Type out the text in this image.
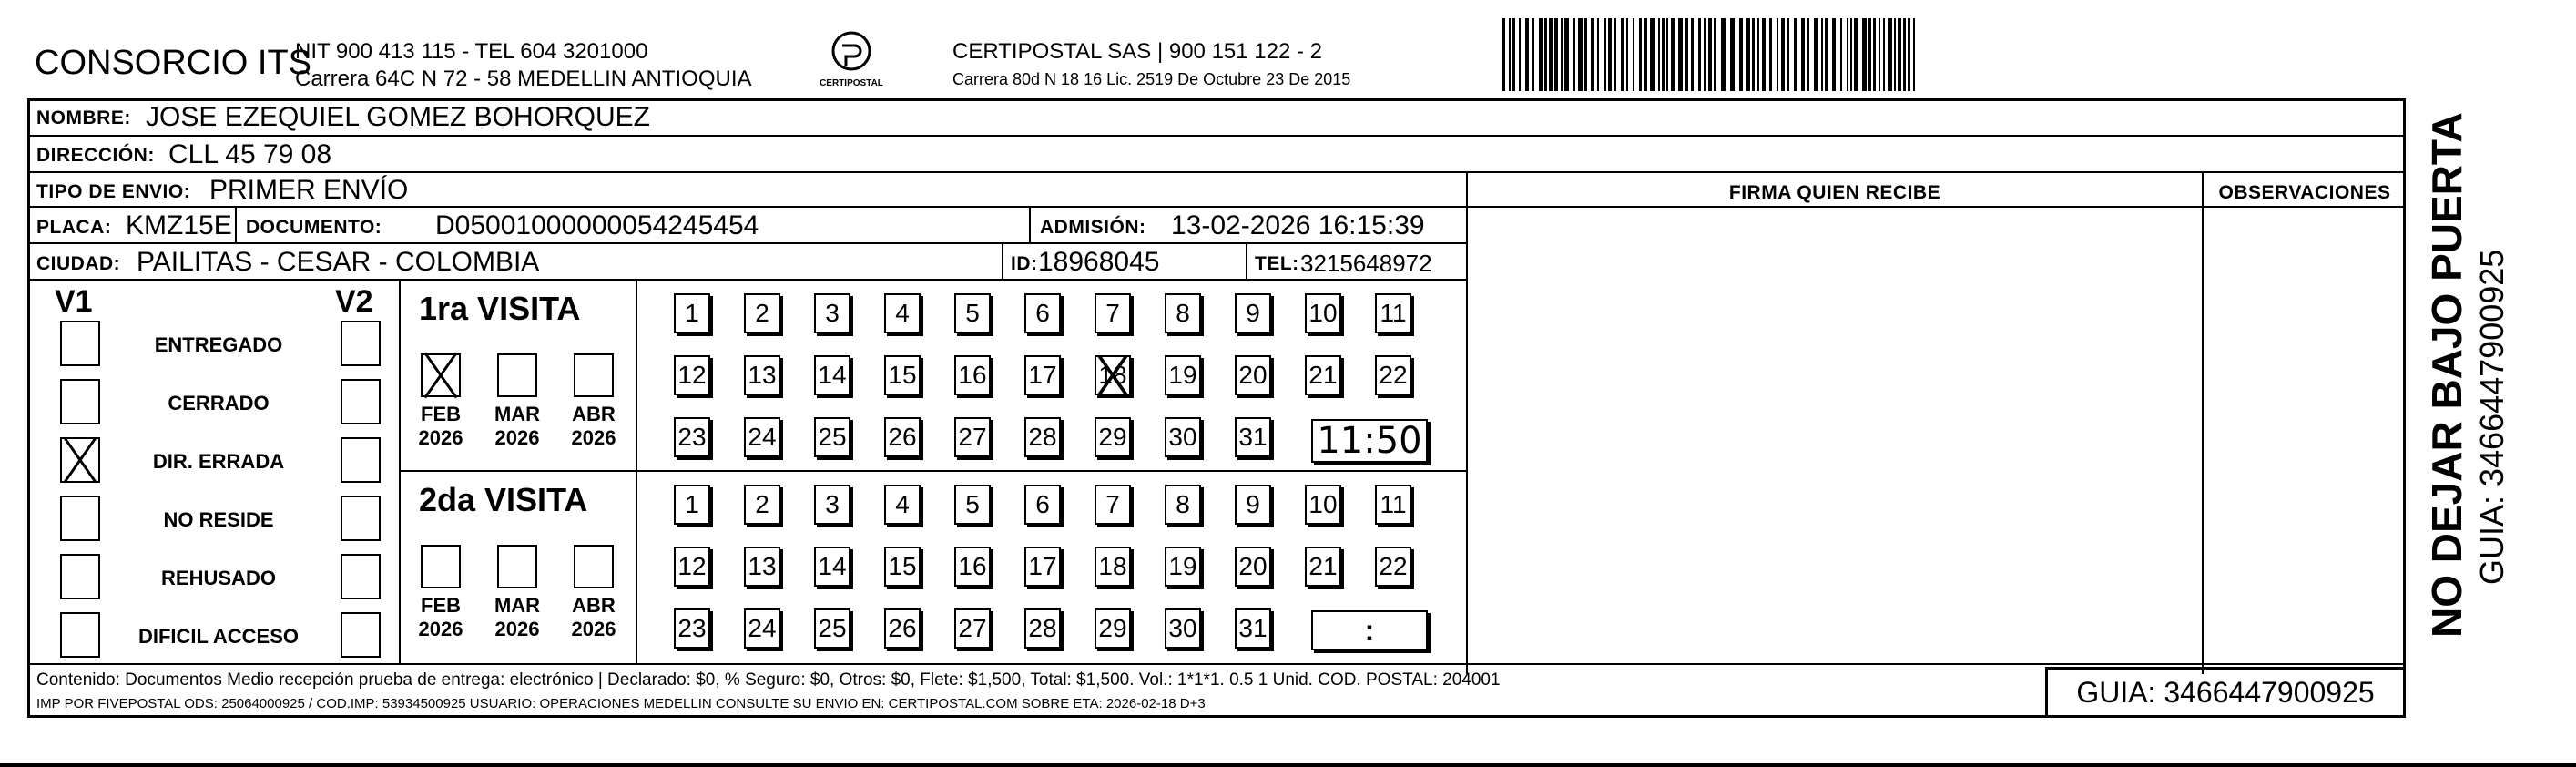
CONSORCIO ITS
NIT 900 413 115 - TEL 604 3201000
Carrera 64C N 72 - 58 MEDELLIN ANTIOQUIA	CERTIPOSTAL
CERTIPOSTAL SAS | 900 151 122 - 2
Carrera 80d N 18 16 Lic. 2519 De Octubre 23 De 2015
NOMBRE: JOSE EZEQUIEL GOMEZ BOHORQUEZ
DIRECCIÓN: CLL 45 79 08
TIPO DE ENVIO: PRIMER ENVÍO	FIRMA QUIEN RECIBE	OBSERVACIONES
PLACA: KMZ15E DOCUMENTO: D05001000000054245454	ADMISIÓN: 13-02-2026 16:15:39
CIUDAD: PAILITAS - CESAR - COLOMBIA	ID: 18968045	TEL: 3215648972
V1	V2
ENTREGADO
CERRADO
DIR. ERRADA
NO RESIDE
REHUSADO
DIFICIL ACCESO
1ra VISITA
FEB
2026
MAR
2026
ABR
2026
1	2	3	4	5	6	7	8	9	10 11
12 13 14 15 16 17 18 19 20 21 22
23 24 25 26 27 28 29 30 31 11:50
2da VISITA
FEB
2026
MAR
2026
ABR
2026
1	2	3	4	5	6	7	8	9	10 11
12 13 14 15 16 17 18 19 20 21 22
23 24 25 26 27 28 29 30 31	:
Contenido: Documentos Medio recepción prueba de entrega: electrónico | Declarado: $0, % Seguro: $0, Otros: $0, Flete: $1,500, Total: $1,500. Vol.: 1*1*1. 0.5 1 Unid. COD. POSTAL: 204001
IMP POR FIVEPOSTAL ODS: 25064000925 / COD.IMP: 53934500925 USUARIO: OPERACIONES MEDELLIN CONSULTE SU ENVIO EN: CERTIPOSTAL.COM SOBRE ETA: 2026-02-18 D+3	GUIA: 3466447900925
NO DEJAR BAJO PUERTA GUIA: 3466447900925
